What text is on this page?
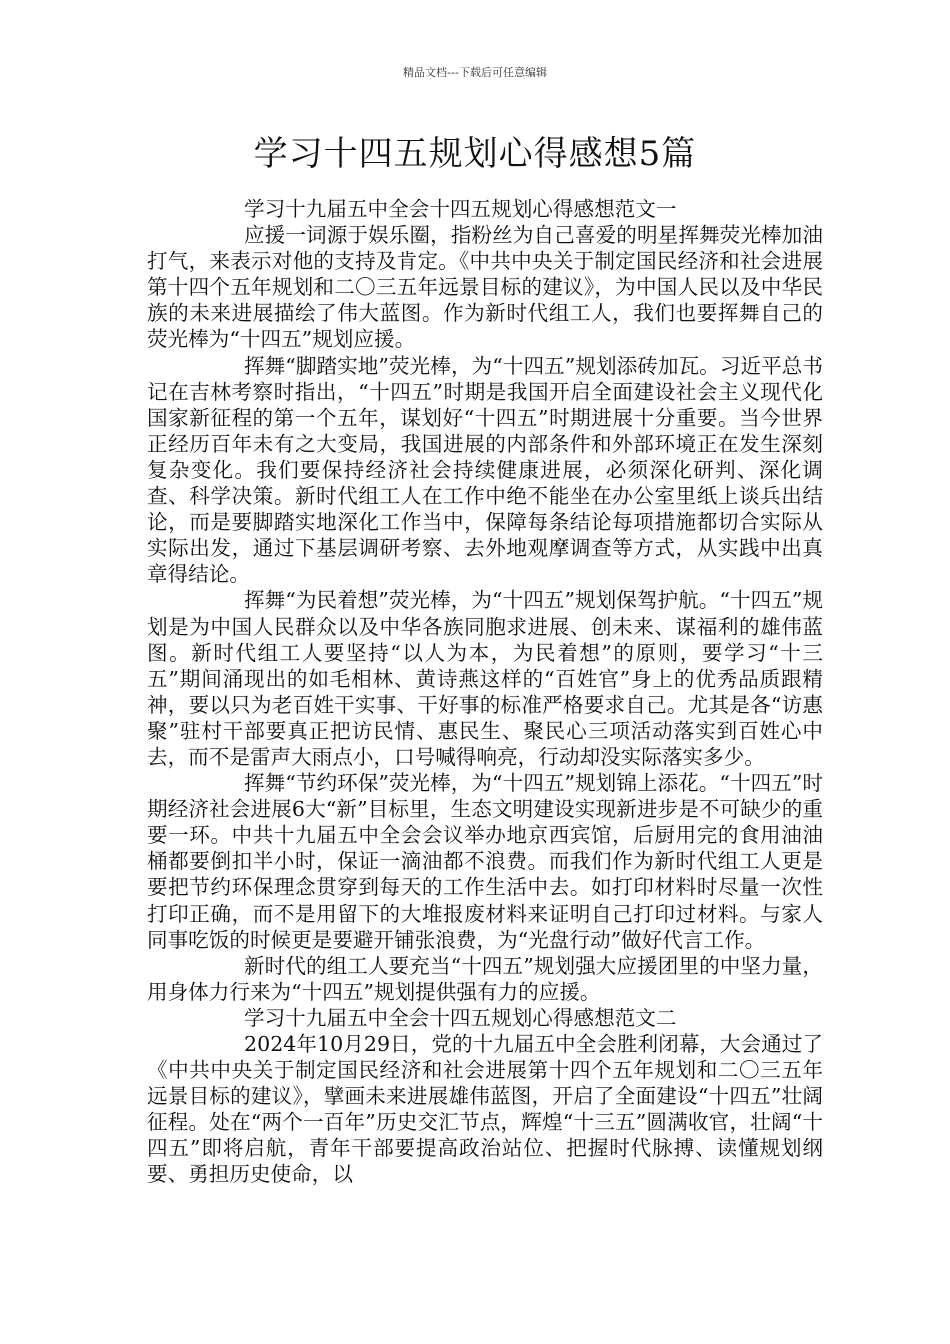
精品文档---下载后可任意编辑
学习十四五规划心得感想5篇

学习十九届五中全会十四五规划心得感想范文一

应援一词源于娱乐圈，指粉丝为自己喜爱的明星挥舞荧光棒加油打气，来表示对他的支持及肯定。《中共中央关于制定国民经济和社会进展第十四个五年规划和二〇三五年远景目标的建议》，为中国人民以及中华民族的未来进展描绘了伟大蓝图。作为新时代组工人，我们也要挥舞自己的荧光棒为“十四五”规划应援。

挥舞“脚踏实地”荧光棒，为“十四五”规划添砖加瓦。习近平总书记在吉林考察时指出，“十四五”时期是我国开启全面建设社会主义现代化国家新征程的第一个五年，谋划好“十四五”时期进展十分重要。当今世界正经历百年未有之大变局，我国进展的内部条件和外部环境正在发生深刻复杂变化。我们要保持经济社会持续健康进展，必须深化研判、深化调查、科学决策。新时代组工人在工作中绝不能坐在办公室里纸上谈兵出结论，而是要脚踏实地深化工作当中，保障每条结论每项措施都切合实际从实际出发，通过下基层调研考察、去外地观摩调查等方式，从实践中出真章得结论。

挥舞“为民着想”荧光棒，为“十四五”规划保驾护航。“十四五”规划是为中国人民群众以及中华各族同胞求进展、创未来、谋福利的雄伟蓝图。新时代组工人要坚持“以人为本，为民着想”的原则，要学习“十三五”期间涌现出的如毛相林、黄诗燕这样的“百姓官”身上的优秀品质跟精神，要以只为老百姓干实事、干好事的标准严格要求自己。尤其是各“访惠聚”驻村干部要真正把访民情、惠民生、聚民心三项活动落实到百姓心中去，而不是雷声大雨点小，口号喊得响亮，行动却没实际落实多少。

挥舞“节约环保”荧光棒，为“十四五”规划锦上添花。“十四五”时期经济社会进展6大“新”目标里，生态文明建设实现新进步是不可缺少的重要一环。中共十九届五中全会会议举办地京西宾馆，后厨用完的食用油油桶都要倒扣半小时，保证一滴油都不浪费。而我们作为新时代组工人更是要把节约环保理念贯穿到每天的工作生活中去。如打印材料时尽量一次性打印正确，而不是用留下的大堆报废材料来证明自己打印过材料。与家人同事吃饭的时候更是要避开铺张浪费，为“光盘行动”做好代言工作。

新时代的组工人要充当“十四五”规划强大应援团里的中坚力量，用身体力行来为“十四五”规划提供强有力的应援。

学习十九届五中全会十四五规划心得感想范文二

2024年10月29日，党的十九届五中全会胜利闭幕，大会通过了《中共中央关于制定国民经济和社会进展第十四个五年规划和二〇三五年远景目标的建议》，擘画未来进展雄伟蓝图，开启了全面建设“十四五”壮阔征程。处在“两个一百年”历史交汇节点，辉煌“十三五”圆满收官，壮阔“十四五”即将启航，青年干部要提高政治站位、把握时代脉搏、读懂规划纲要、勇担历史使命，以
